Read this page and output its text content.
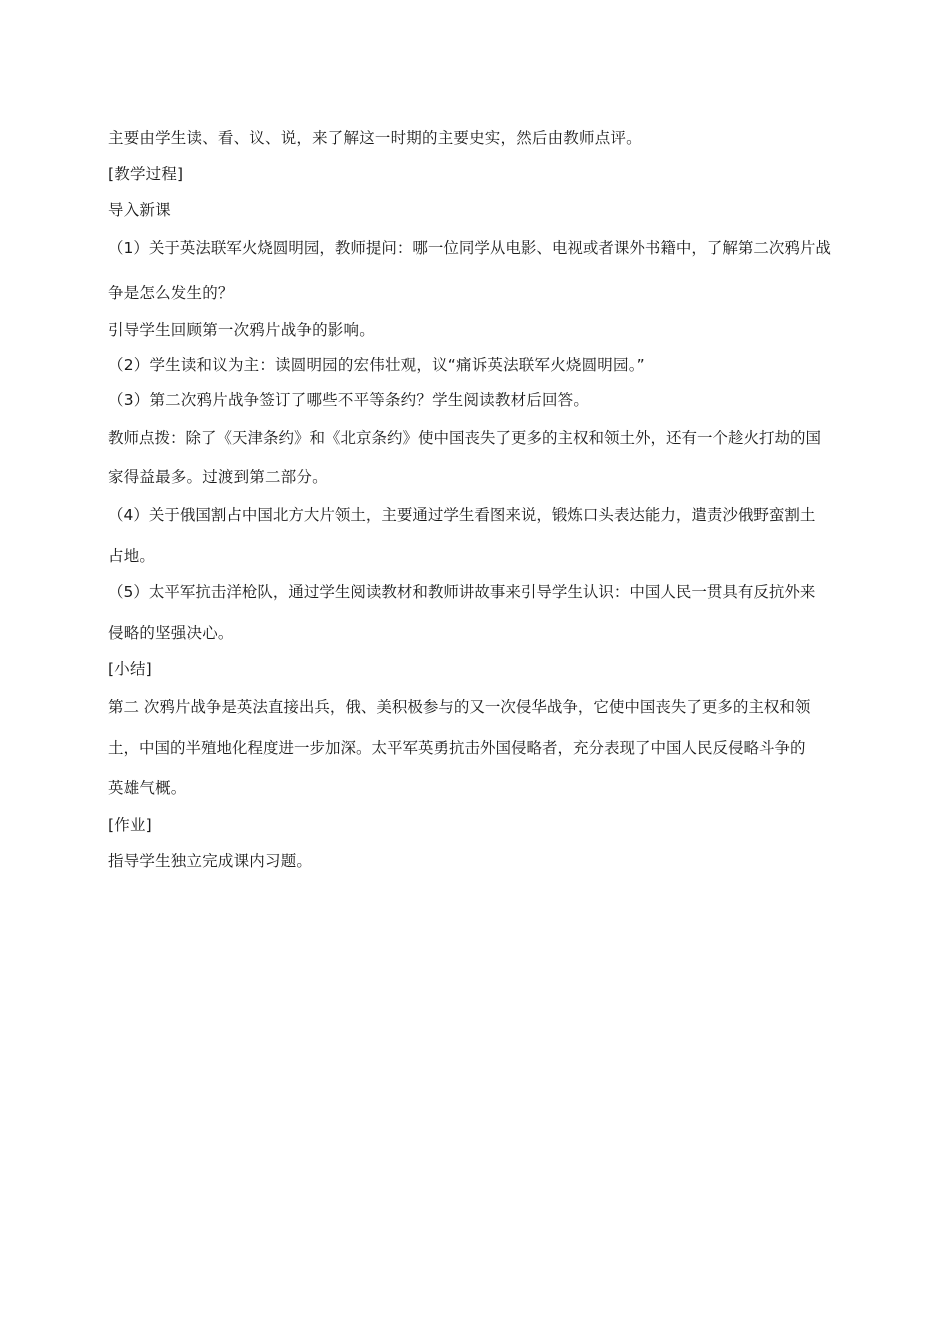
主要由学生读、看、议、说，来了解这一时期的主要史实，然后由教师点评。
[教学过程]
导入新课
（1）关于英法联军火烧圆明园，教师提问：哪一位同学从电影、电视或者课外书籍中，了解第二次鸦片战
争是怎么发生的？
引导学生回顾第一次鸦片战争的影响。
（2）学生读和议为主：读圆明园的宏伟壮观，议“痛诉英法联军火烧圆明园。”
（3）第二次鸦片战争签订了哪些不平等条约？学生阅读教材后回答。
教师点拨：除了《天津条约》和《北京条约》使中国丧失了更多的主权和领土外，还有一个趁火打劫的国
家得益最多。过渡到第二部分。
（4）关于俄国割占中国北方大片领土，主要通过学生看图来说，锻炼口头表达能力，遣责沙俄野蛮割土
占地。
（5）太平军抗击洋枪队，通过学生阅读教材和教师讲故事来引导学生认识：中国人民一贯具有反抗外来
侵略的坚强决心。
[小结]
第二 次鸦片战争是英法直接出兵，俄、美积极参与的又一次侵华战争，它使中国丧失了更多的主权和领
土，中国的半殖地化程度进一步加深。太平军英勇抗击外国侵略者，充分表现了中国人民反侵略斗争的
英雄气概。
[作业]
指导学生独立完成课内习题。
